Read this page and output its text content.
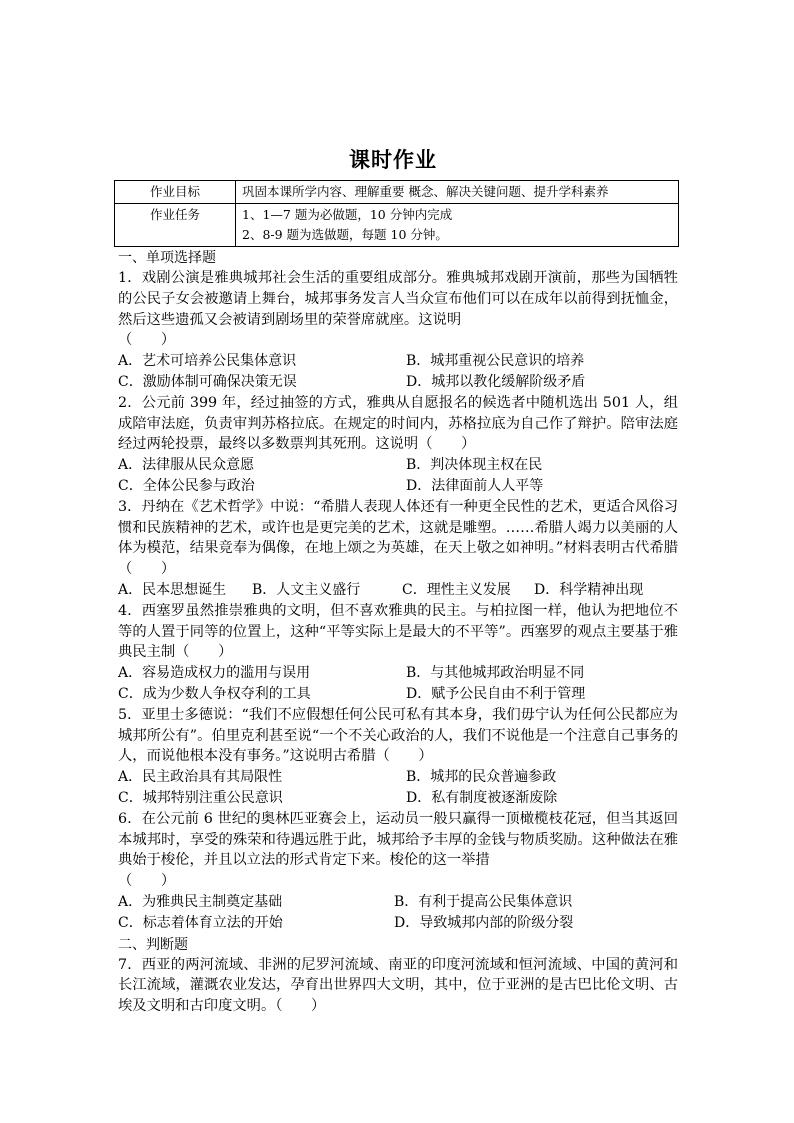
课时作业
作业目标	巩固本课所学内容、理解重要 概念、解决关键问题、提升学科素养
作业任务	1、1—7 题为必做题，10 分钟内完成
2、8-9 题为选做题，每题 10 分钟。
一、单项选择题

1．戏剧公演是雅典城邦社会生活的重要组成部分。雅典城邦戏剧开演前，那些为国牺牲的公民子女会被邀请上舞台，城邦事务发言人当众宣布他们可以在成年以前得到抚恤金，然后这些遗孤又会被请到剧场里的荣誉席就座。这说明
（　　）

A．艺术可培养公民集体意识	B．城邦重视公民意识的培养
C．激励体制可确保决策无误	D．城邦以教化缓解阶级矛盾

2．公元前 399 年，经过抽签的方式，雅典从自愿报名的候选者中随机选出 501 人，组成陪审法庭，负责审判苏格拉底。在规定的时间内，苏格拉底为自己作了辩护。陪审法庭经过两轮投票，最终以多数票判其死刑。这说明（　　）

A．法律服从民众意愿	B．判决体现主权在民
C．全体公民参与政治	D．法律面前人人平等

3．丹纳在《艺术哲学》中说：“希腊人表现人体还有一种更全民性的艺术，更适合风俗习惯和民族精神的艺术，或许也是更完美的艺术，这就是雕塑。……希腊人竭力以美丽的人体为模范，结果竞奉为偶像，在地上颂之为英雄，在天上敬之如神明。”材料表明古代希腊（　　）

A．民本思想诞生	B．人文主义盛行	C．理性主义发展	D．科学精神出现

4．西塞罗虽然推崇雅典的文明，但不喜欢雅典的民主。与柏拉图一样，他认为把地位不等的人置于同等的位置上，这种“平等实际上是最大的不平等”。西塞罗的观点主要基于雅典民主制（　　）

A．容易造成权力的滥用与误用	B．与其他城邦政治明显不同
C．成为少数人争权夺利的工具	D．赋予公民自由不利于管理

5．亚里士多德说：“我们不应假想任何公民可私有其本身，我们毋宁认为任何公民都应为城邦所公有”。伯里克利甚至说“一个不关心政治的人，我们不说他是一个注意自己事务的人，而说他根本没有事务。”这说明古希腊（　　）

A．民主政治具有其局限性	B．城邦的民众普遍参政
C．城邦特别注重公民意识	D．私有制度被逐渐废除

6．在公元前 6 世纪的奥林匹亚赛会上，运动员一般只赢得一顶橄榄枝花冠，但当其返回本城邦时，享受的殊荣和待遇远胜于此，城邦给予丰厚的金钱与物质奖励。这种做法在雅典始于梭伦，并且以立法的形式肯定下来。梭伦的这一举措
（　　）

A．为雅典民主制奠定基础	B．有利于提高公民集体意识
C．标志着体育立法的开始	D．导致城邦内部的阶级分裂
二、判断题

7．西亚的两河流域、非洲的尼罗河流域、南亚的印度河流域和恒河流域、中国的黄河和长江流域，灌溉农业发达，孕育出世界四大文明，其中，位于亚洲的是古巴比伦文明、古埃及文明和古印度文明。（　　）
